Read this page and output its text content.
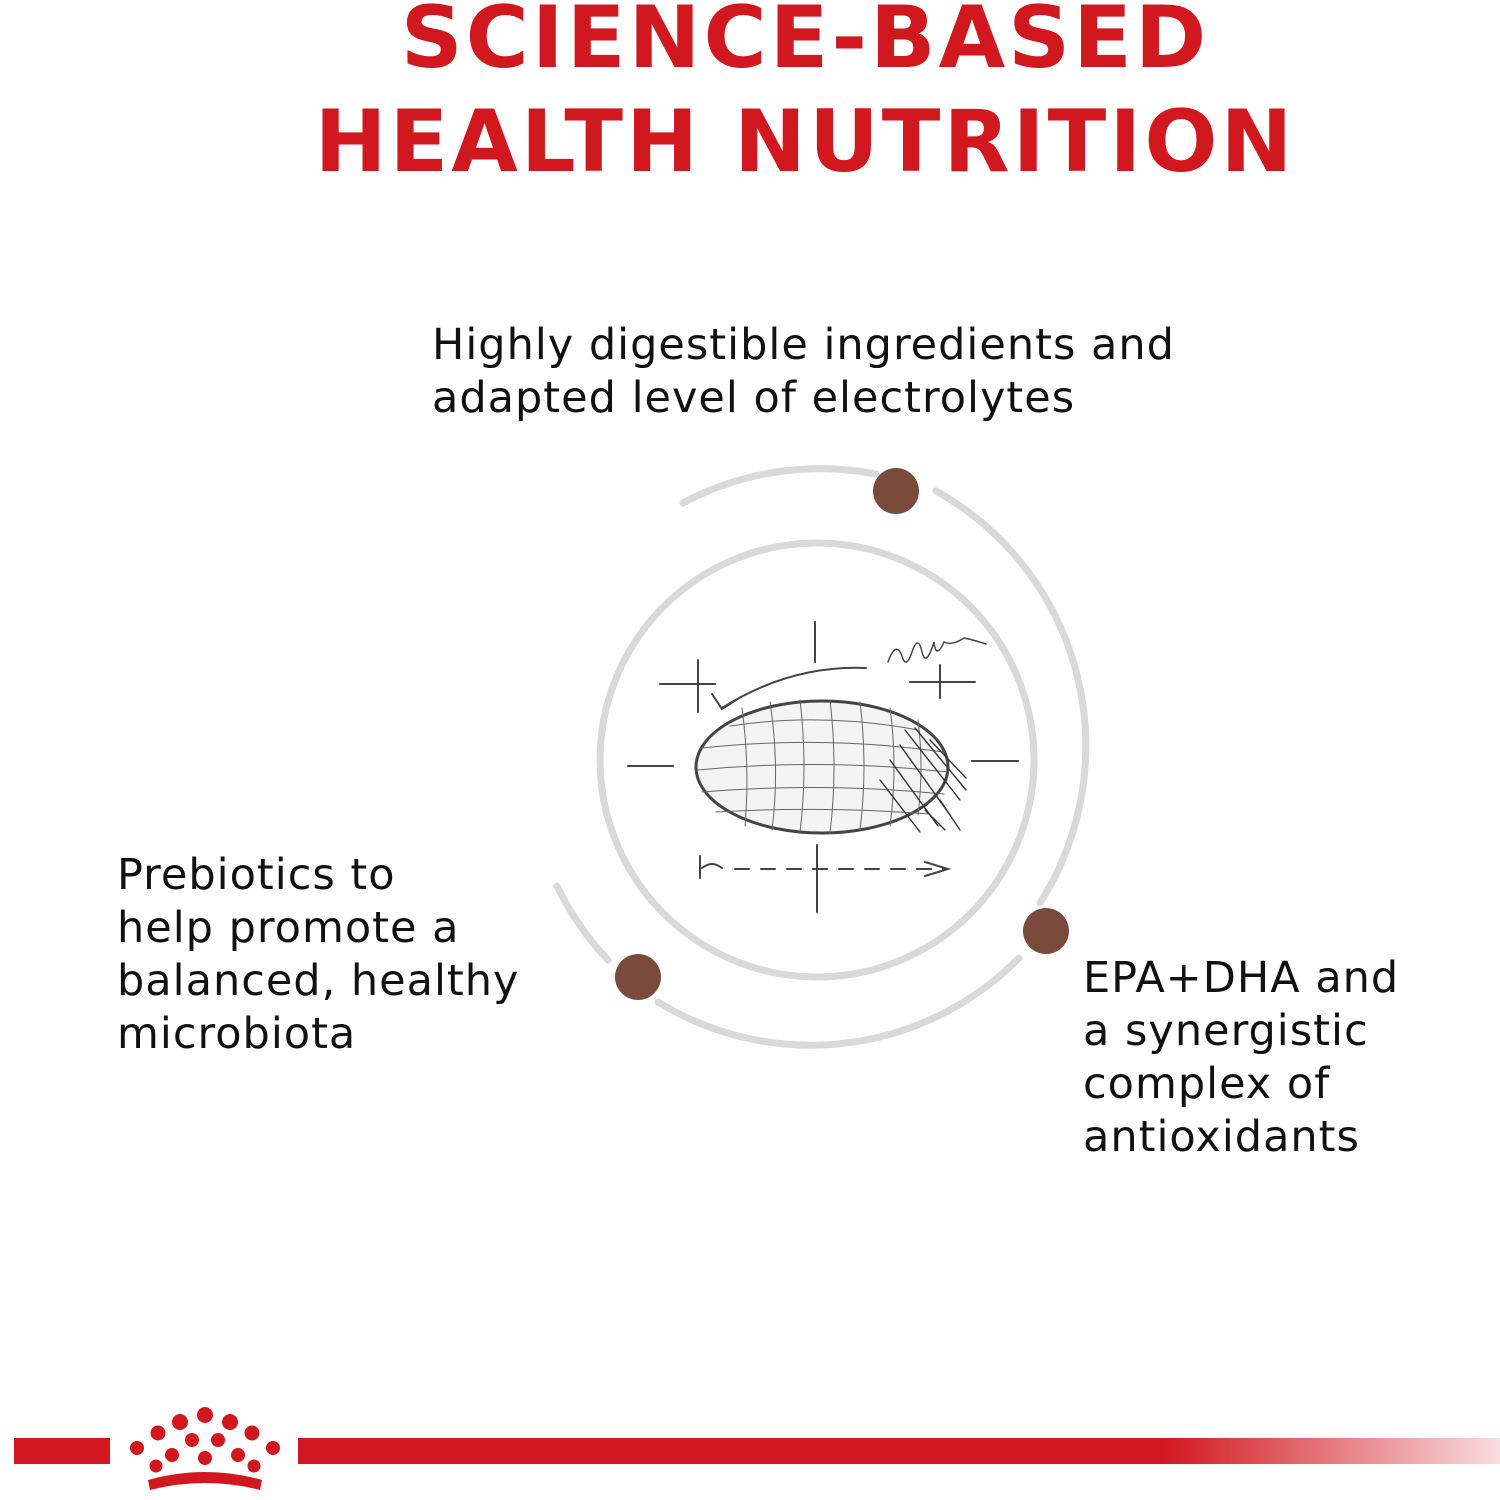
SCIENCE-BASED
HEALTH NUTRITION
Highly digestible ingredients and
adapted level of electrolytes
Prebiotics to
help promote a
balanced, healthy
microbiota
EPA+DHA and
a synergistic
complex of
antioxidants
